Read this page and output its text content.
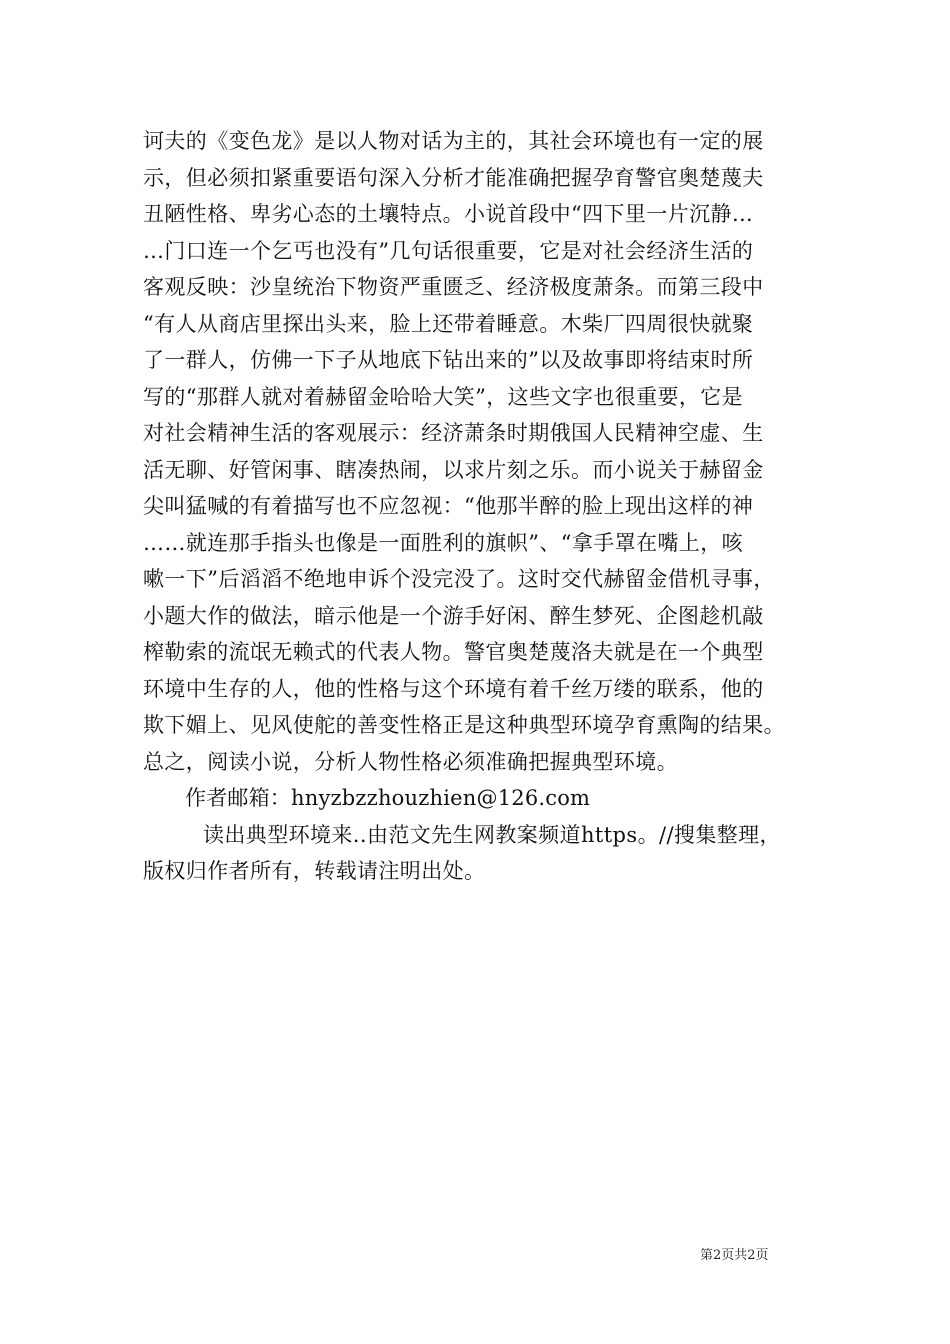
诃夫的《变色龙》是以人物对话为主的，其社会环境也有一定的展
示，但必须扣紧重要语句深入分析才能准确把握孕育警官奥楚蔑夫
丑陋性格、卑劣心态的土壤特点。小说首段中“四下里一片沉静…
…门口连一个乞丐也没有”几句话很重要，它是对社会经济生活的
客观反映：沙皇统治下物资严重匮乏、经济极度萧条。而第三段中
“有人从商店里探出头来，脸上还带着睡意。木柴厂四周很快就聚
了一群人，仿佛一下子从地底下钻出来的”以及故事即将结束时所
写的“那群人就对着赫留金哈哈大笑”，这些文字也很重要，它是
对社会精神生活的客观展示：经济萧条时期俄国人民精神空虚、生
活无聊、好管闲事、瞎凑热闹，以求片刻之乐。而小说关于赫留金
尖叫猛喊的有着描写也不应忽视：“他那半醉的脸上现出这样的神
……就连那手指头也像是一面胜利的旗帜”、“拿手罩在嘴上，咳
嗽一下”后滔滔不绝地申诉个没完没了。这时交代赫留金借机寻事，
小题大作的做法，暗示他是一个游手好闲、醉生梦死、企图趁机敲
榨勒索的流氓无赖式的代表人物。警官奥楚蔑洛夫就是在一个典型
环境中生存的人，他的性格与这个环境有着千丝万缕的联系，他的
欺下媚上、见风使舵的善变性格正是这种典型环境孕育熏陶的结果。
总之，阅读小说，分析人物性格必须准确把握典型环境。
作者邮箱：hnyzbzzhouzhien@126.com
读出典型环境来..由范文先生网教案频道https。//搜集整理，
版权归作者所有，转载请注明出处。
第2页共2页
